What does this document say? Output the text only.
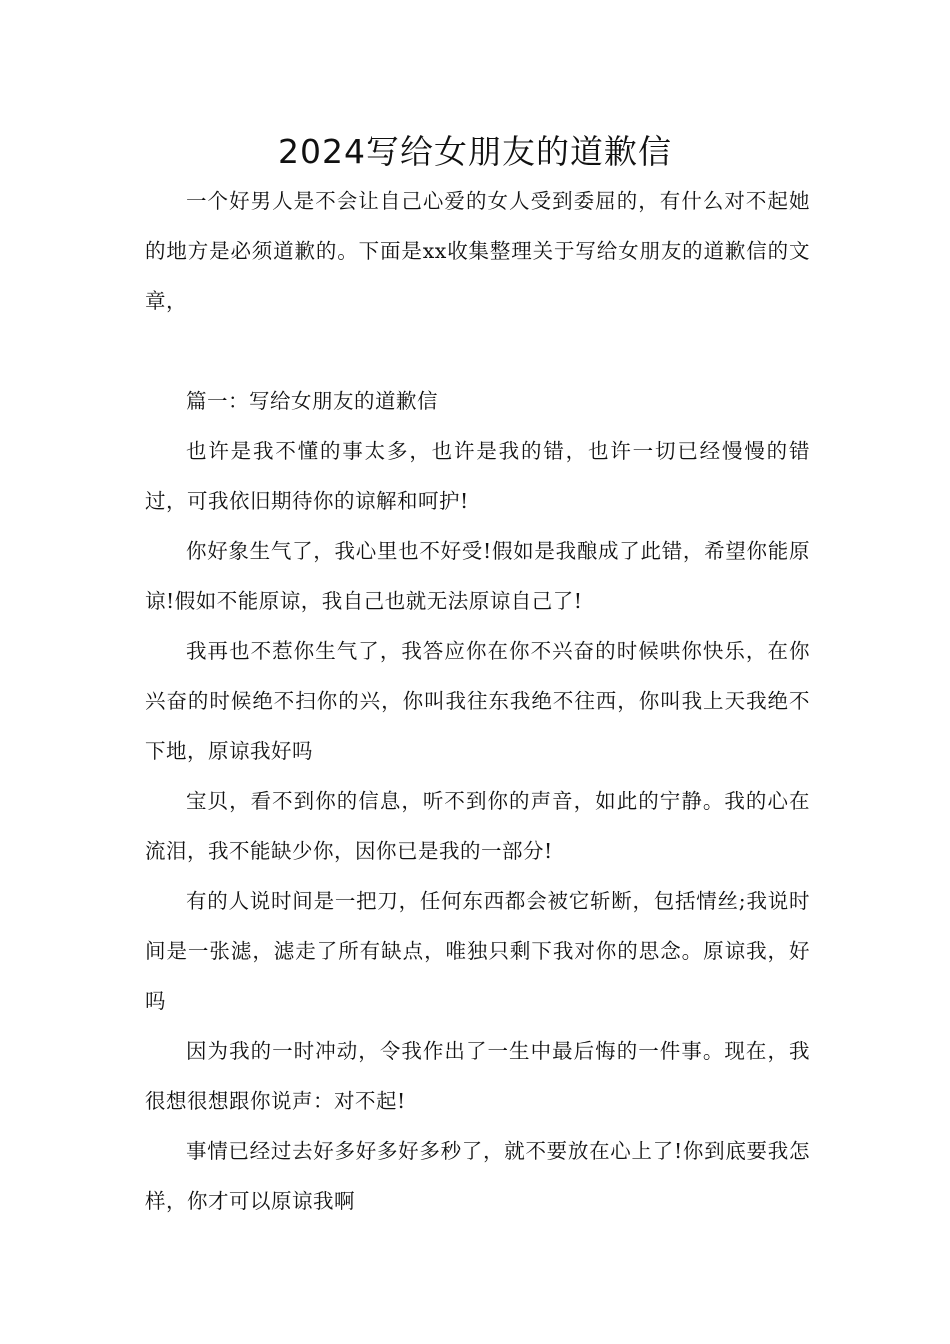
2024写给女朋友的道歉信

一个好男人是不会让自己心爱的女人受到委屈的，有什么对不起她的地方是必须道歉的。下面是xx收集整理关于写给女朋友的道歉信的文章，

篇一：写给女朋友的道歉信

也许是我不懂的事太多，也许是我的错，也许一切已经慢慢的错过，可我依旧期待你的谅解和呵护!

你好象生气了，我心里也不好受!假如是我酿成了此错，希望你能原谅!假如不能原谅，我自己也就无法原谅自己了!

我再也不惹你生气了，我答应你在你不兴奋的时候哄你快乐，在你兴奋的时候绝不扫你的兴，你叫我往东我绝不往西，你叫我上天我绝不下地，原谅我好吗

宝贝，看不到你的信息，听不到你的声音，如此的宁静。我的心在流泪，我不能缺少你，因你已是我的一部分!

有的人说时间是一把刀，任何东西都会被它斩断，包括情丝;我说时间是一张滤，滤走了所有缺点，唯独只剩下我对你的思念。原谅我，好吗

因为我的一时冲动，令我作出了一生中最后悔的一件事。现在，我很想很想跟你说声：对不起!

事情已经过去好多好多好多秒了，就不要放在心上了!你到底要我怎样，你才可以原谅我啊
